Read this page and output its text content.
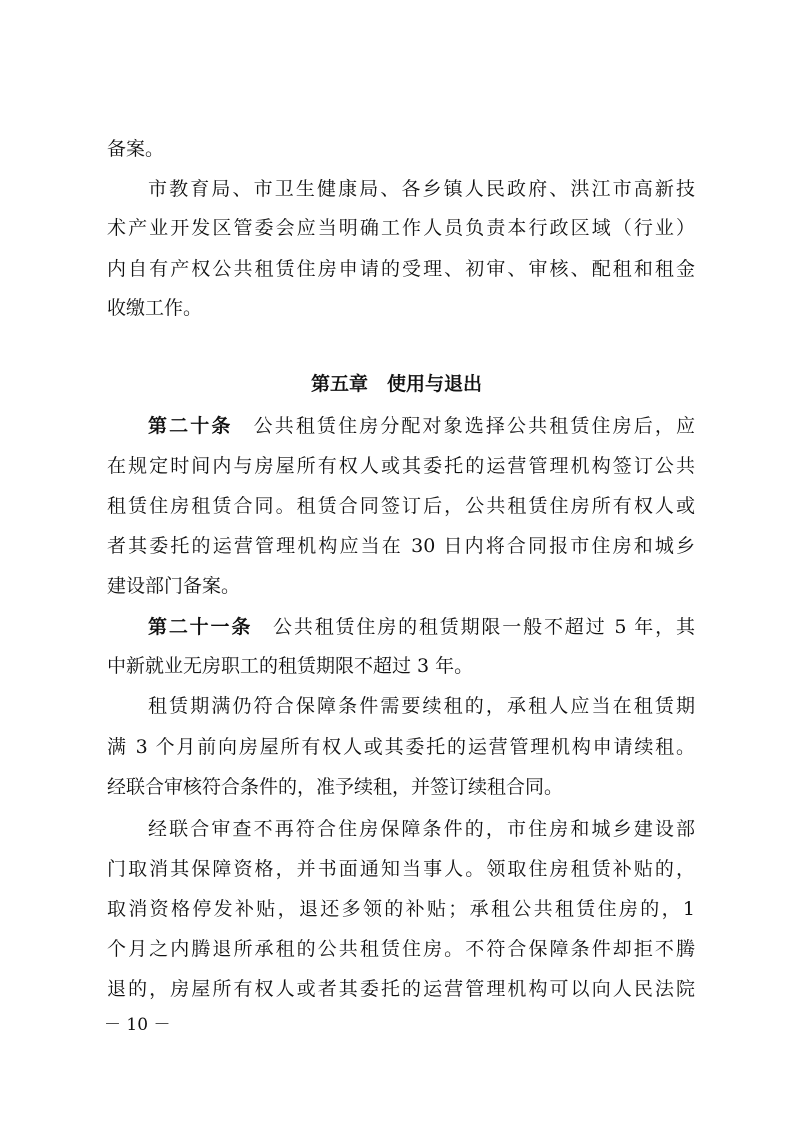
备案。
市教育局、市卫生健康局、各乡镇人民政府、洪江市高新技
术产业开发区管委会应当明确工作人员负责本行政区域（行业）
内自有产权公共租赁住房申请的受理、初审、审核、配租和租金
收缴工作。
第五章　使用与退出
第二十条　 公共租赁住房分配对象选择公共租赁住房后，应
在规定时间内与房屋所有权人或其委托的运营管理机构签订公共
租赁住房租赁合同。租赁合同签订后，公共租赁住房所有权人或
者其委托的运营管理机构应当在 30 日内将合同报市住房和城乡
建设部门备案。
第二十一条　 公共租赁住房的租赁期限一般不超过 5 年，其
中新就业无房职工的租赁期限不超过 3 年。
租赁期满仍符合保障条件需要续租的，承租人应当在租赁期
满 3 个月前向房屋所有权人或其委托的运营管理机构申请续租。
经联合审核符合条件的，准予续租，并签订续租合同。
经联合审查不再符合住房保障条件的，市住房和城乡建设部
门取消其保障资格，并书面通知当事人。领取住房租赁补贴的，
取消资格停发补贴，退还多领的补贴；承租公共租赁住房的，1
个月之内腾退所承租的公共租赁住房。不符合保障条件却拒不腾
退的，房屋所有权人或者其委托的运营管理机构可以向人民法院
－ 10 －
